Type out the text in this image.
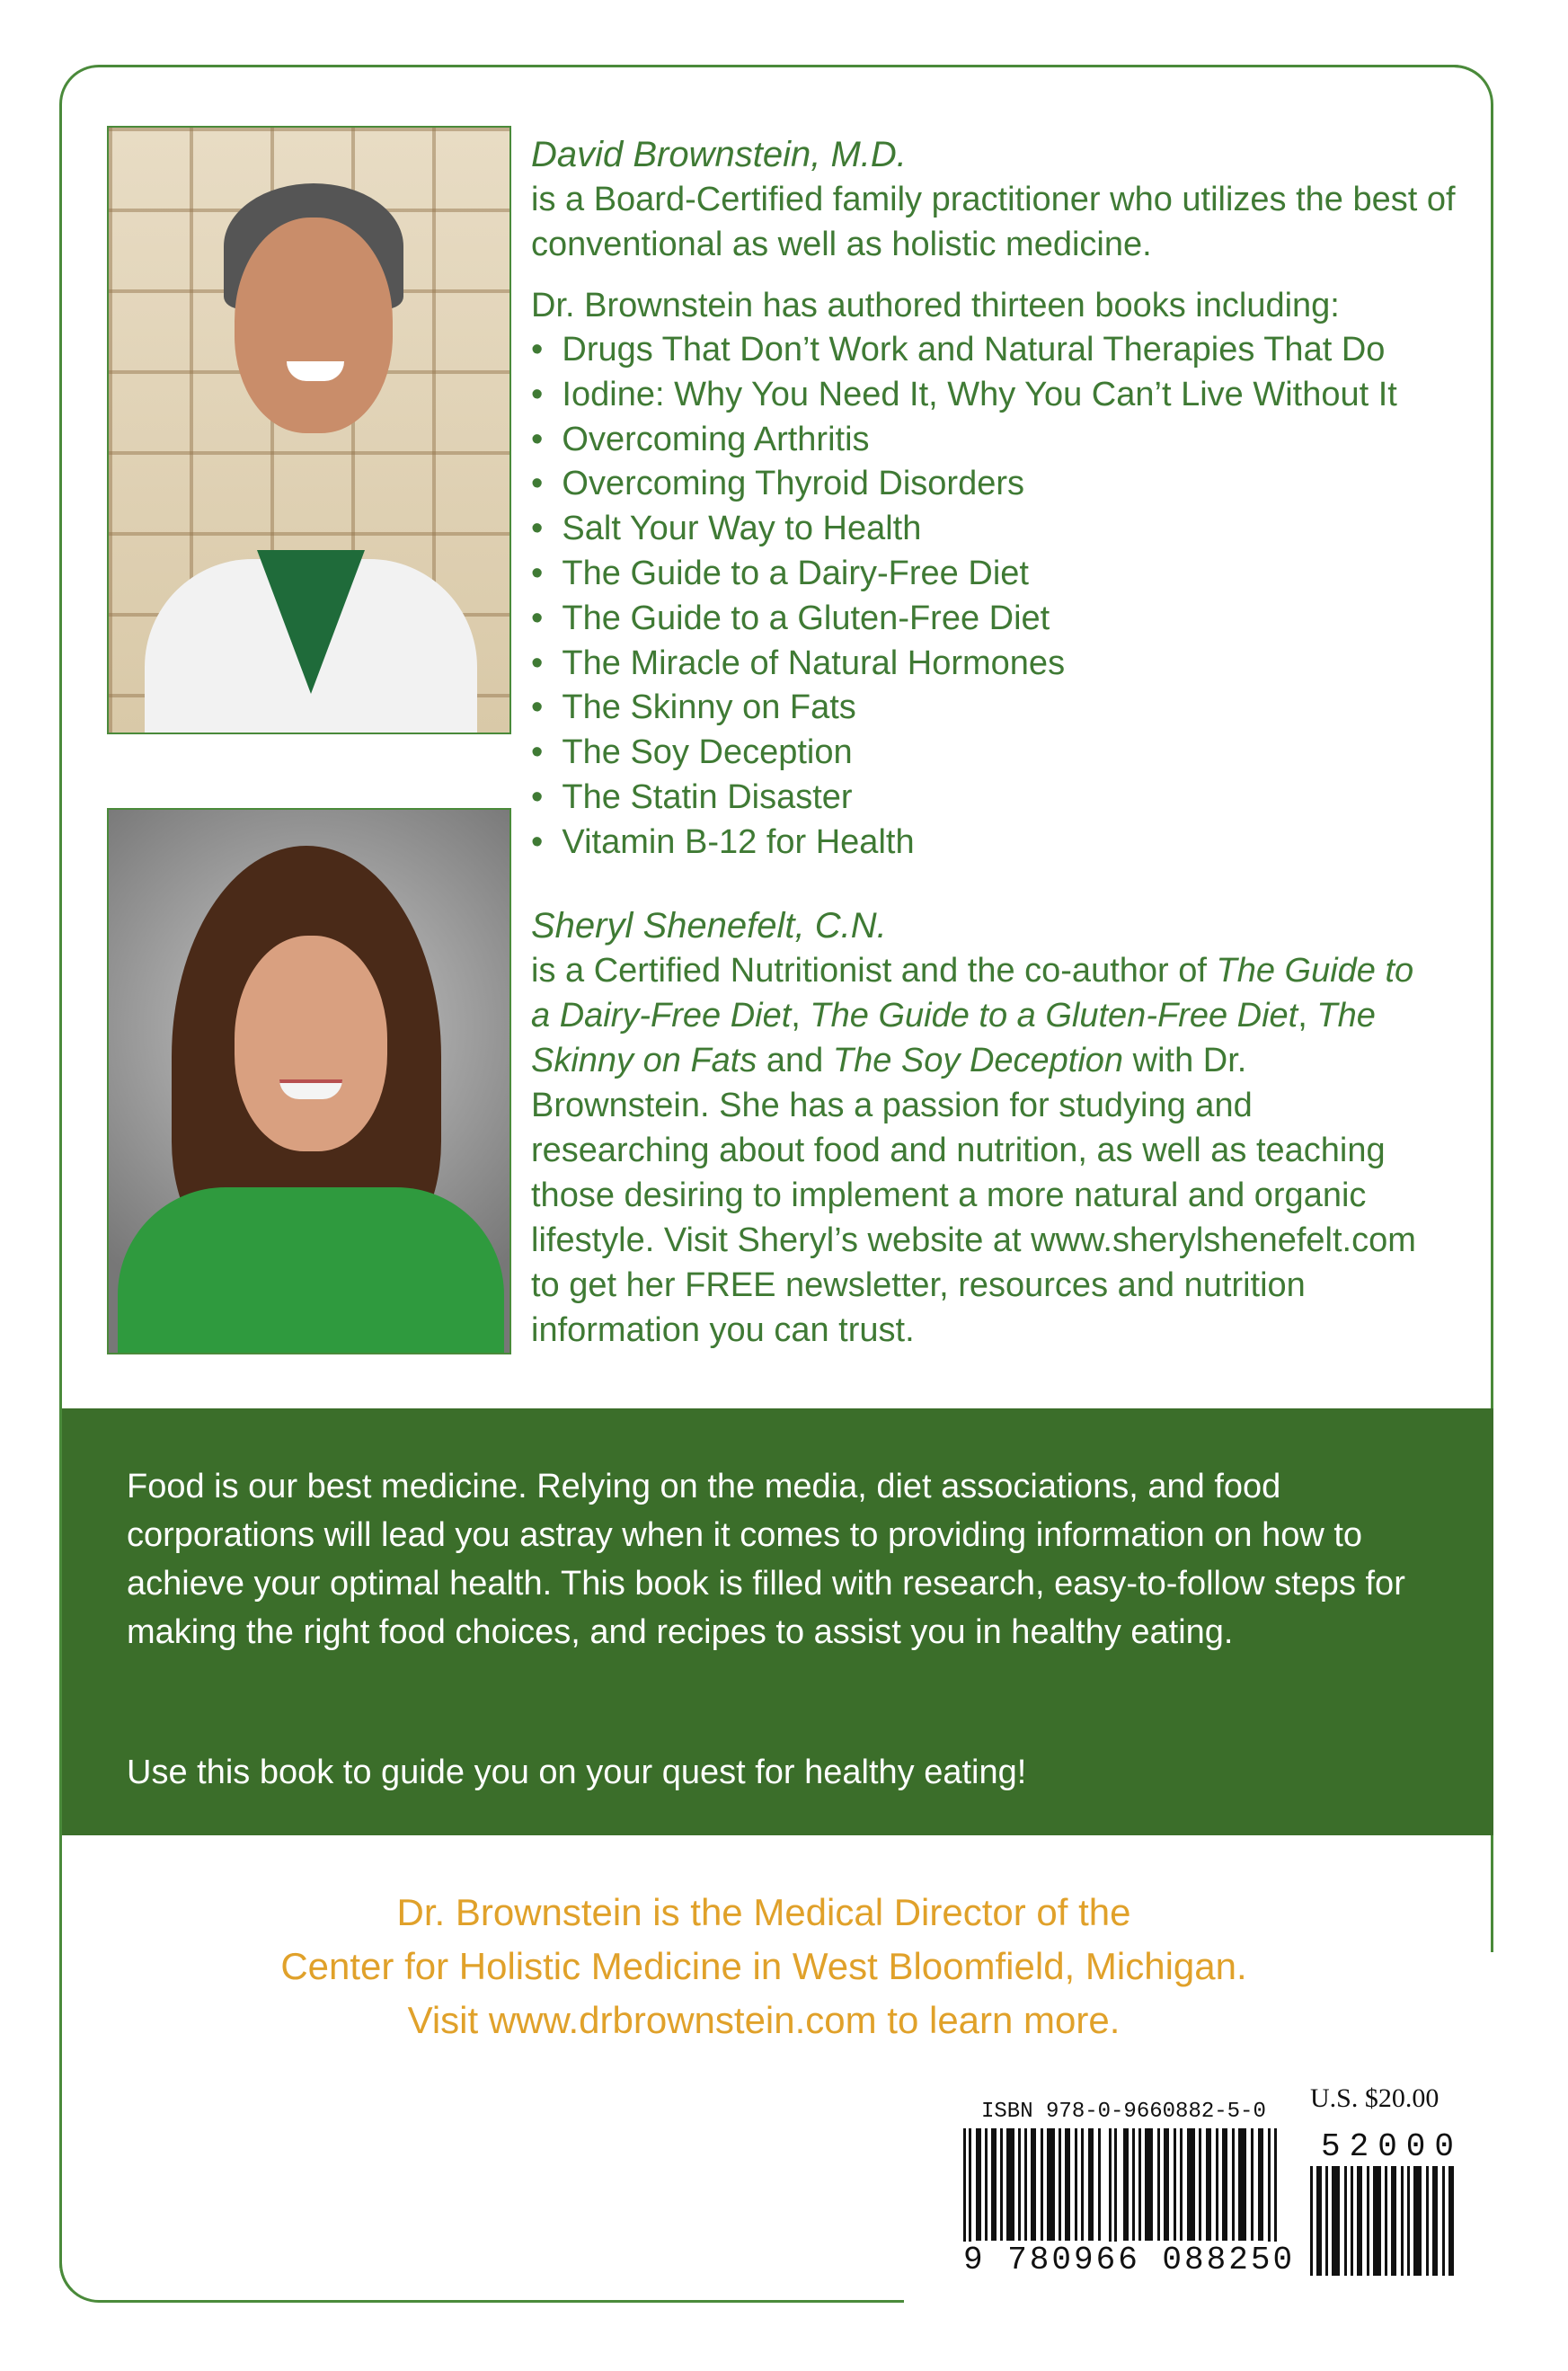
David Brownstein, M.D.
is a Board-Certified family practitioner who utilizes the best of conventional as well as holistic medicine.
Dr. Brownstein has authored thirteen books including:
•  Drugs That Don’t Work and Natural Therapies That Do
•  Iodine: Why You Need It, Why You Can’t Live Without It
•  Overcoming Arthritis
•  Overcoming Thyroid Disorders
•  Salt Your Way to Health
•  The Guide to a Dairy-Free Diet
•  The Guide to a Gluten-Free Diet
•  The Miracle of Natural Hormones
•  The Skinny on Fats
•  The Soy Deception
•  The Statin Disaster
•  Vitamin B-12 for Health
Sheryl Shenefelt, C.N.
is a Certified Nutritionist and the co-author of The Guide to a Dairy-Free Diet, The Guide to a Gluten-Free Diet, The Skinny on Fats and The Soy Deception with Dr. Brownstein. She has a passion for studying and researching about food and nutrition, as well as teaching those desiring to implement a more natural and organic lifestyle. Visit Sheryl’s website at www.sherylshenefelt.com to get her FREE newsletter, resources and nutrition information you can trust.
Food is our best medicine. Relying on the media, diet associations, and food corporations will lead you astray when it comes to providing information on how to achieve your optimal health. This book is filled with research, easy-to-follow steps for making the right food choices, and recipes to assist you in healthy eating.
Use this book to guide you on your quest for healthy eating!
Dr. Brownstein is the Medical Director of the
Center for Holistic Medicine in West Bloomfield, Michigan.
Visit www.drbrownstein.com to learn more.
ISBN 978-0-9660882-5-0 U.S. $20.00
9 780966 088250
52000
